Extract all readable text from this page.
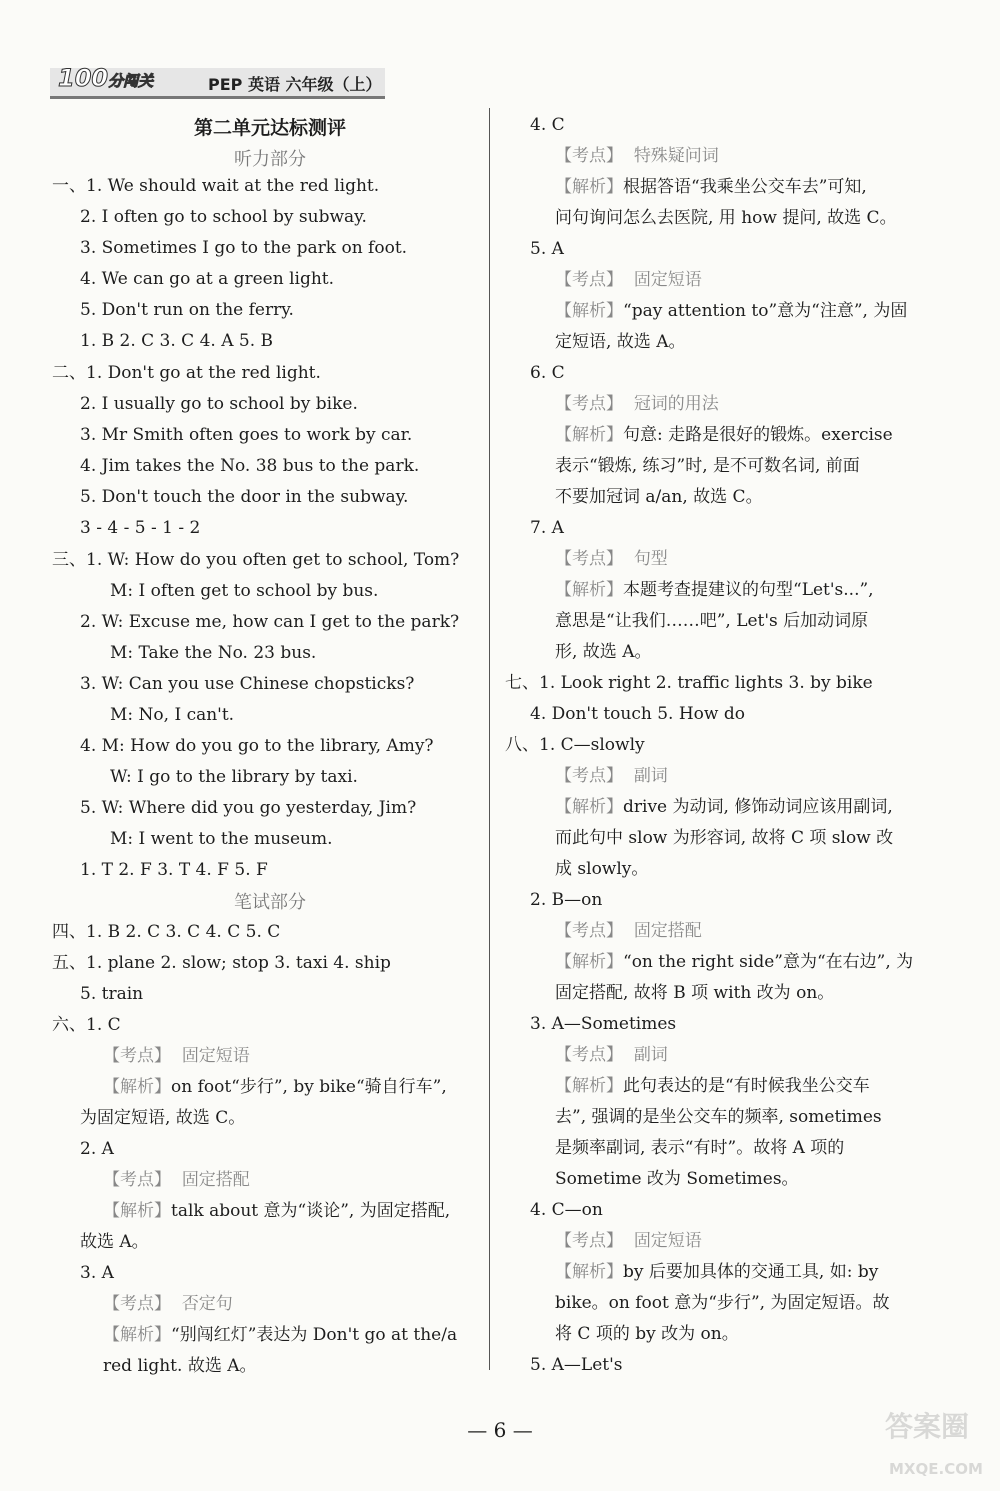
100分闯关	PEP 英语 六年级（上）
第二单元达标测评
听力部分
一、1. We should wait at the red light.
2. I often go to school by subway.
3. Sometimes I go to the park on foot.
4. We can go at a green light.
5. Don't run on the ferry.
1. B 2. C 3. C 4. A 5. B
二、1. Don't go at the red light.
2. I usually go to school by bike.
3. Mr Smith often goes to work by car.
4. Jim takes the No. 38 bus to the park.
5. Don't touch the door in the subway.
3 - 4 - 5 - 1 - 2
三、1. W: How do you often get to school, Tom?
M: I often get to school by bus.
2. W: Excuse me, how can I get to the park?
M: Take the No. 23 bus.
3. W: Can you use Chinese chopsticks?
M: No, I can't.
4. M: How do you go to the library, Amy?
W: I go to the library by taxi.
5. W: Where did you go yesterday, Jim?
M: I went to the museum.
1. T 2. F 3. T 4. F 5. F
笔试部分
四、1. B 2. C 3. C 4. C 5. C
五、1. plane 2. slow; stop 3. taxi 4. ship
5. train
六、1. C
【考点】 固定短语
【解析】on foot“步行”, by bike“骑自行车”,
为固定短语, 故选 C。
2. A
【考点】 固定搭配
【解析】talk about 意为“谈论”, 为固定搭配,
故选 A。
3. A
【考点】 否定句
【解析】“别闯红灯”表达为 Don't go at the/a
red light. 故选 A。
4. C
【考点】 特殊疑问词
【解析】根据答语“我乘坐公交车去”可知,
问句询问怎么去医院, 用 how 提问, 故选 C。
5. A
【考点】 固定短语
【解析】“pay attention to”意为“注意”, 为固
定短语, 故选 A。
6. C
【考点】 冠词的用法
【解析】句意: 走路是很好的锻炼。exercise
表示“锻炼, 练习”时, 是不可数名词, 前面
不要加冠词 a/an, 故选 C。
7. A
【考点】 句型
【解析】本题考查提建议的句型“Let's...”,
意思是“让我们……吧”, Let's 后加动词原
形, 故选 A。
七、1. Look right 2. traffic lights 3. by bike
4. Don't touch 5. How do
八、1. C—slowly
【考点】 副词
【解析】drive 为动词, 修饰动词应该用副词,
而此句中 slow 为形容词, 故将 C 项 slow 改
成 slowly。
2. B—on
【考点】 固定搭配
【解析】“on the right side”意为“在右边”, 为
固定搭配, 故将 B 项 with 改为 on。
3. A—Sometimes
【考点】 副词
【解析】此句表达的是“有时候我坐公交车
去”, 强调的是坐公交车的频率, sometimes
是频率副词, 表示“有时”。故将 A 项的
Sometime 改为 Sometimes。
4. C—on
【考点】 固定短语
【解析】by 后要加具体的交通工具, 如: by
bike。on foot 意为“步行”, 为固定短语。故
将 C 项的 by 改为 on。
5. A—Let's
— 6 —	答案圈
MXQE.COM
